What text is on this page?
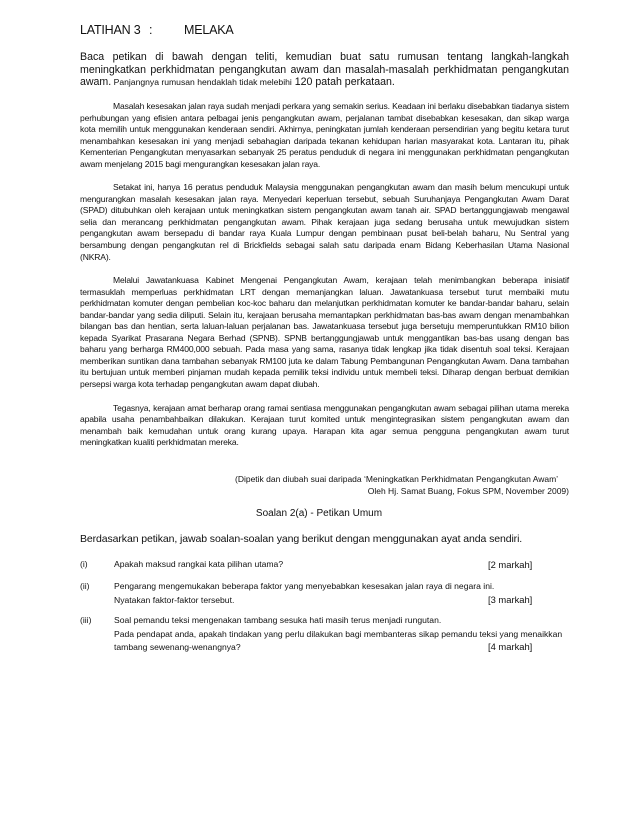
LATIHAN 3 :	MELAKA
Baca petikan di bawah dengan teliti, kemudian buat satu rumusan tentang langkah-langkah meningkatkan perkhidmatan pengangkutan awam dan masalah-masalah perkhidmatan pengangkutan awam. Panjangnya rumusan hendaklah tidak melebihi 120 patah perkataan.

Masalah kesesakan jalan raya sudah menjadi perkara yang semakin serius. Keadaan ini berlaku disebabkan tiadanya sistem perhubungan yang efisien antara pelbagai jenis pengangkutan awam, perjalanan tambat disebabkan kesesakan, dan sikap warga kota memilih untuk menggunakan kenderaan sendiri. Akhirnya, peningkatan jumlah kenderaan persendirian yang begitu ketara turut menambahkan kesesakan ini yang menjadi sebahagian daripada tekanan kehidupan harian masyarakat kota. Lantaran itu, pihak Kementerian Pengangkutan menyasarkan sebanyak 25 peratus penduduk di negara ini menggunakan perkhidmatan pengangkutan awam menjelang 2015 bagi mengurangkan kesesakan jalan raya.

Setakat ini, hanya 16 peratus penduduk Malaysia menggunakan pengangkutan awam dan masih belum mencukupi untuk mengurangkan masalah kesesakan jalan raya. Menyedari keperluan tersebut, sebuah Suruhanjaya Pengangkutan Awam Darat (SPAD) ditubuhkan oleh kerajaan untuk meningkatkan sistem pengangkutan awam tanah air. SPAD bertanggungjawab mengawal selia dan merancang perkhidmatan pengangkutan awam. Pihak kerajaan juga sedang berusaha untuk mewujudkan sistem pengangkutan awam bersepadu di bandar raya Kuala Lumpur dengan pembinaan pusat beli-belah baharu, Nu Sentral yang bersambung dengan pengangkutan rel di Brickfields sebagai salah satu daripada enam Bidang Keberhasilan Utama Nasional (NKRA).

Melalui Jawatankuasa Kabinet Mengenai Pengangkutan Awam, kerajaan telah menimbangkan beberapa inisiatif termasuklah memperluas perkhidmatan LRT dengan memanjangkan laluan. Jawatankuasa tersebut turut membaiki mutu perkhidmatan komuter dengan pembelian koc-koc baharu dan melanjutkan perkhidmatan komuter ke bandar-bandar baharu, selain bandar-bandar yang sedia diliputi. Selain itu, kerajaan berusaha memantapkan perkhidmatan bas-bas awam dengan menambahkan bilangan bas dan hentian, serta laluan-laluan perjalanan bas. Jawatankuasa tersebut juga bersetuju memperuntukkan RM10 bilion kepada Syarikat Prasarana Negara Berhad (SPNB). SPNB bertanggungjawab untuk menggantikan bas-bas usang dengan bas baharu yang berharga RM400,000 sebuah. Pada masa yang sama, rasanya tidak lengkap jika tidak disentuh soal teksi. Kerajaan memberikan suntikan dana tambahan sebanyak RM100 juta ke dalam Tabung Pembangunan Pengangkutan Awam. Dana tambahan itu bertujuan untuk memberi pinjaman mudah kepada pemilik teksi individu untuk membeli teksi. Diharap dengan berbuat demikian persepsi warga kota terhadap pengangkutan awam dapat diubah.

Tegasnya, kerajaan amat berharap orang ramai sentiasa menggunakan pengangkutan awam sebagai pilihan utama mereka apabila usaha penambahbaikan dilakukan. Kerajaan turut komited untuk mengintegrasikan sistem pengangkutan awam dan menambah baik kemudahan untuk orang kurang upaya. Harapan kita agar semua pengguna pengangkutan awam turut meningkatkan kualiti perkhidmatan mereka.

(Dipetik dan diubah suai daripada ‘Meningkatkan Perkhidmatan Pengangkutan Awam’
Oleh Hj. Samat Buang, Fokus SPM, November 2009)
Soalan 2(a) - Petikan Umum
Berdasarkan petikan, jawab soalan-soalan yang berikut dengan menggunakan ayat anda sendiri.
(i)	Apakah maksud rangkai kata pilihan utama?	[2 markah]
(ii)	Pengarang mengemukakan beberapa faktor yang menyebabkan kesesakan jalan raya di negara ini.
Nyatakan faktor-faktor tersebut.	[3 markah]
(iii)	Soal pemandu teksi mengenakan tambang sesuka hati masih terus menjadi rungutan.
Pada pendapat anda, apakah tindakan yang perlu dilakukan bagi membanteras sikap pemandu teksi yang menaikkan
tambang sewenang-wenangnya?	[4 markah]
